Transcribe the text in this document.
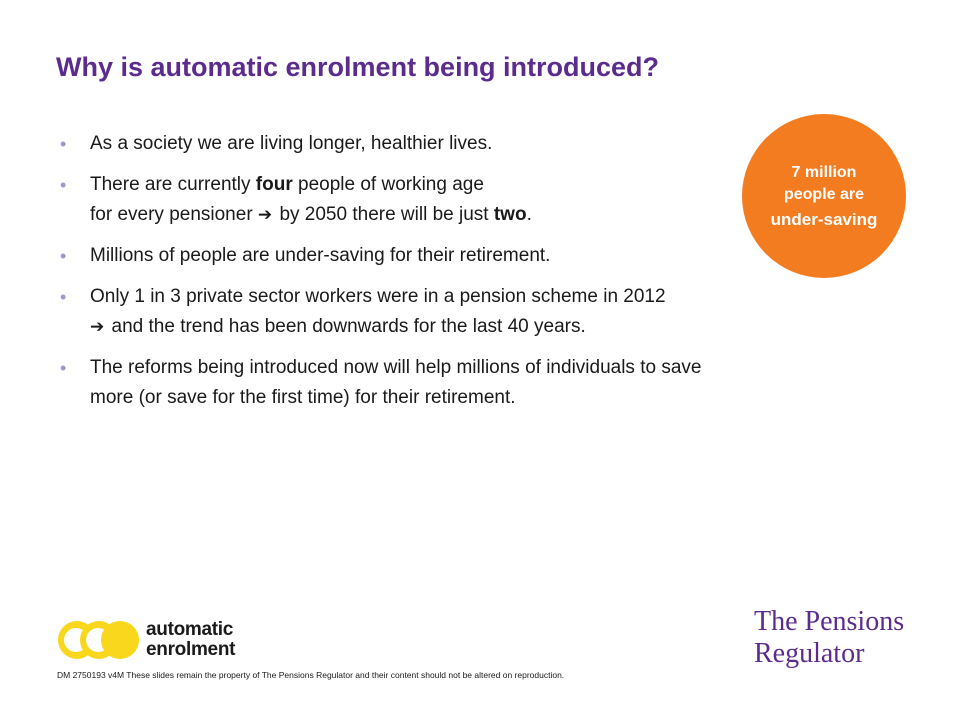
Why is automatic enrolment being introduced?
• As a society we are living longer, healthier lives.
• There are currently four people of working age
for every pensioner ➔ by 2050 there will be just two.
• Millions of people are under-saving for their retirement.
• Only 1 in 3 private sector workers were in a pension scheme in 2012
➔ and the trend has been downwards for the last 40 years.
• The reforms being introduced now will help millions of individuals to save
more (or save for the first time) for their retirement.
7 million
people are
under-saving
automatic
enrolment
The Pensions
Regulator
DM 2750193 v4M These slides remain the property of The Pensions Regulator and their content should not be altered on reproduction.
